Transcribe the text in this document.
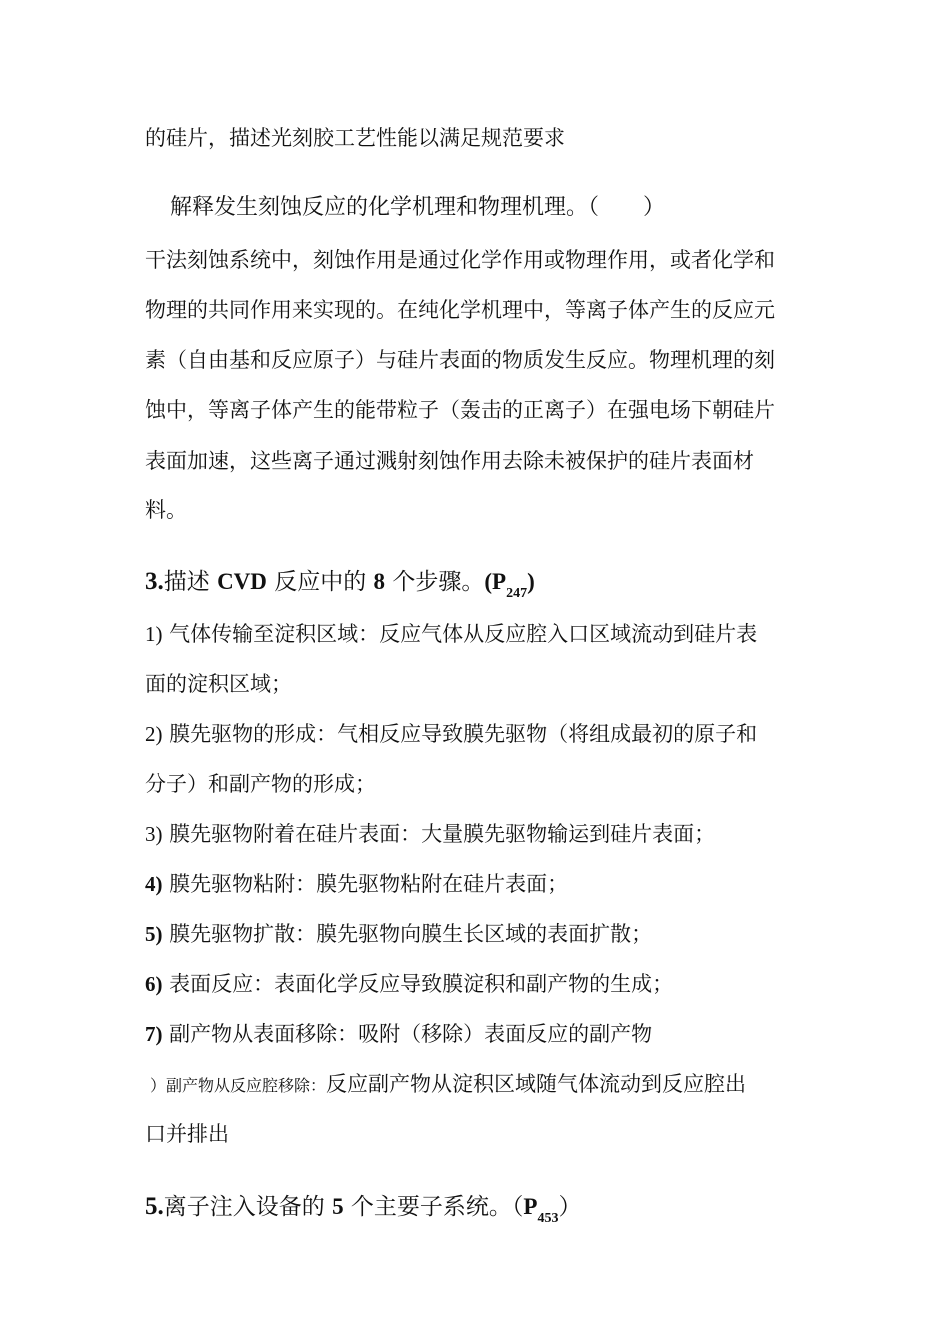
的硅片，描述光刻胶工艺性能以满足规范要求
解释发生刻蚀反应的化学机理和物理机理。（　　）
干法刻蚀系统中，刻蚀作用是通过化学作用或物理作用，或者化学和
物理的共同作用来实现的。在纯化学机理中，等离子体产生的反应元
素（自由基和反应原子）与硅片表面的物质发生反应。物理机理的刻
蚀中，等离子体产生的能带粒子（轰击的正离子）在强电场下朝硅片
表面加速，这些离子通过溅射刻蚀作用去除未被保护的硅片表面材
料。
3.描述 CVD 反应中的 8 个步骤。$(P_{247})$
1) 气体传输至淀积区域：反应气体从反应腔入口区域流动到硅片表
面的淀积区域；
2) 膜先驱物的形成：气相反应导致膜先驱物（将组成最初的原子和
分子）和副产物的形成；
3) 膜先驱物附着在硅片表面：大量膜先驱物输运到硅片表面；
4) 膜先驱物粘附：膜先驱物粘附在硅片表面；
5) 膜先驱物扩散：膜先驱物向膜生长区域的表面扩散；
6) 表面反应：表面化学反应导致膜淀积和副产物的生成；
7) 副产物从表面移除：吸附（移除）表面反应的副产物
）副产物从反应腔移除：反应副产物从淀积区域随气体流动到反应腔出
口并排出
5.离子注入设备的 5 个主要子系统。$(P_{453})$
